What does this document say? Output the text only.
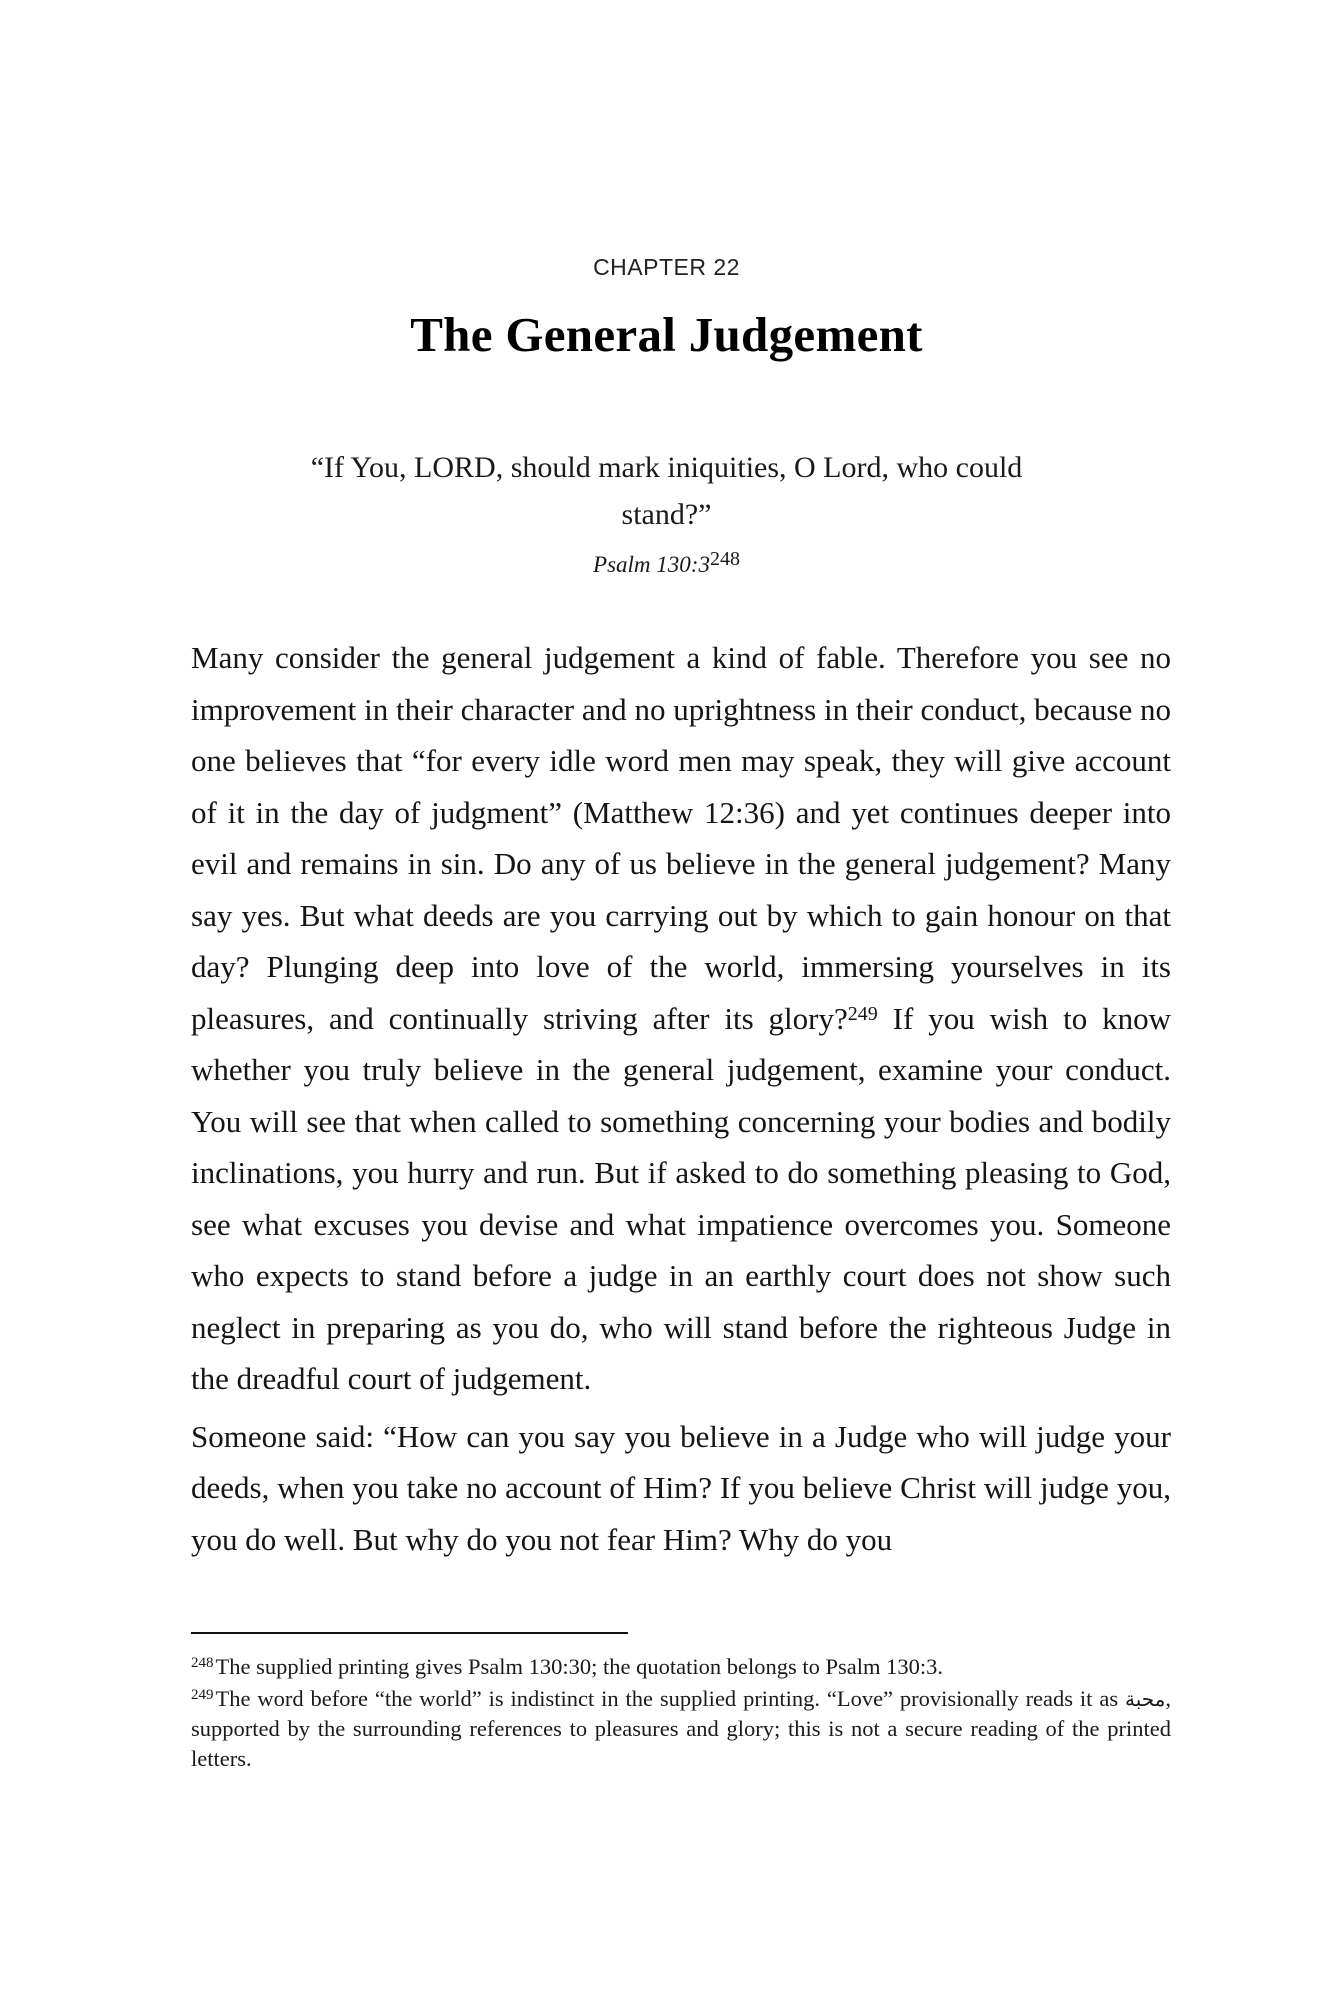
CHAPTER 22
The General Judgement
“If You, LORD, should mark iniquities, O Lord, who could stand?”
Psalm $130:3^{248}$

Many consider the general judgement a kind of fable. Therefore you see no improvement in their character and no uprightness in their conduct, because no one believes that “for every idle word men may speak, they will give account of it in the day of judgment” (Matthew 12:36) and yet continues deeper into evil and remains in sin. Do any of us believe in the general judgement? Many say yes. But what deeds are you carrying out by which to gain honour on that day? Plunging deep into love of the world, immersing yourselves in its pleasures, and continually striving after its glory?$^{249}$ If you wish to know whether you truly believe in the general judgement, examine your conduct. You will see that when called to something concerning your bodies and bodily inclinations, you hurry and run. But if asked to do something pleasing to God, see what excuses you devise and what impatience overcomes you. Someone who expects to stand before a judge in an earthly court does not show such neglect in preparing as you do, who will stand before the righteous Judge in the dreadful court of judgement.

Someone said: “How can you say you believe in a Judge who will judge your deeds, when you take no account of Him? If you believe Christ will judge you, you do well. But why do you not fear Him? Why do you

$^{248}$The supplied printing gives Psalm 130:30; the quotation belongs to Psalm 130:3.
$^{249}$The word before “the world” is indistinct in the supplied printing. “Love” provisionally reads it as محبة, supported by the surrounding references to pleasures and glory; this is not a secure reading of the printed letters.
